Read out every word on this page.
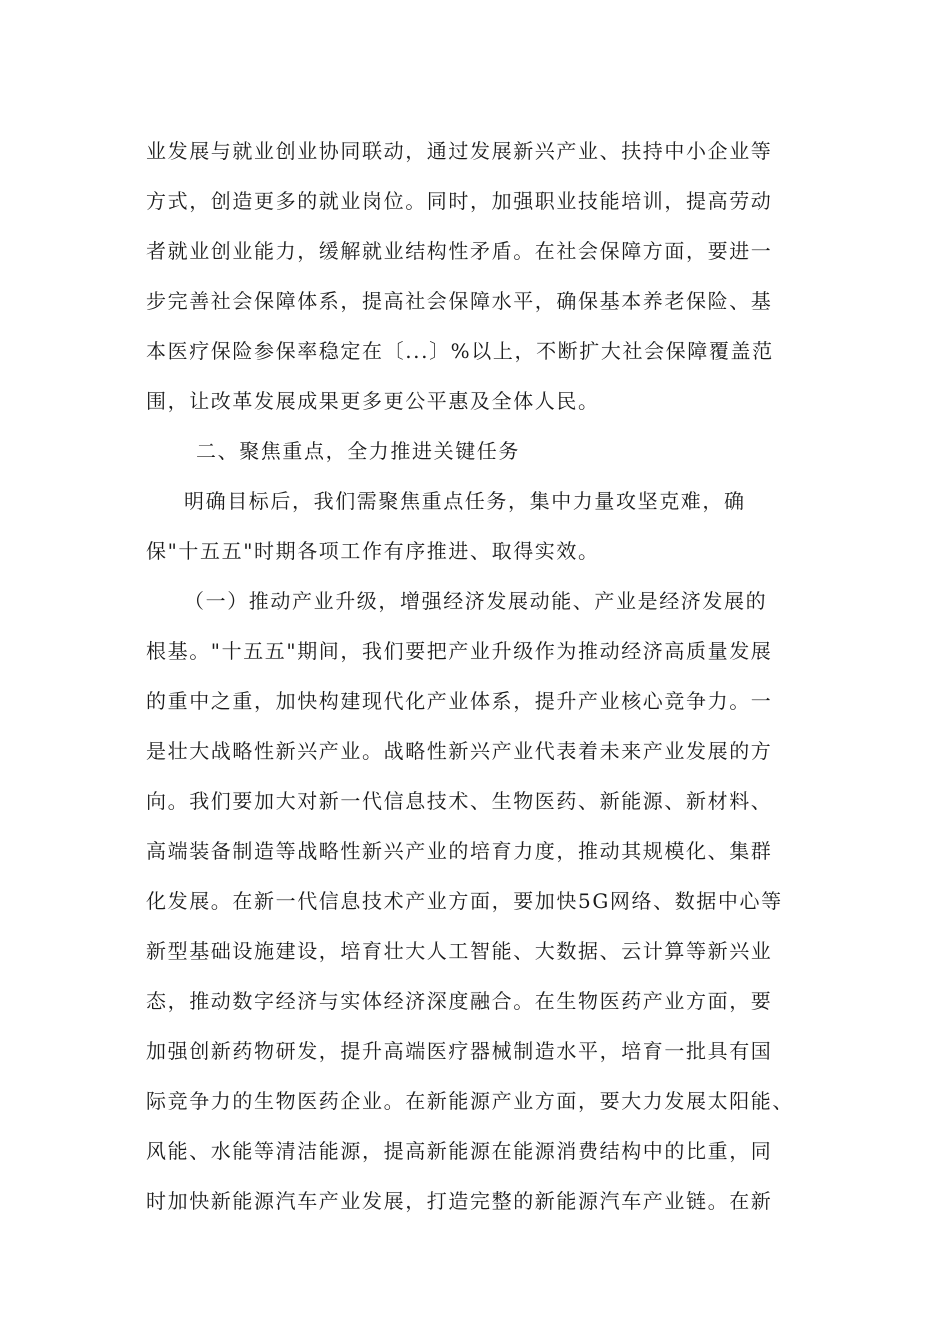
业发展与就业创业协同联动，通过发展新兴产业、扶持中小企业等
方式，创造更多的就业岗位。同时，加强职业技能培训，提高劳动
者就业创业能力，缓解就业结构性矛盾。在社会保障方面，要进一
步完善社会保障体系，提高社会保障水平，确保基本养老保险、基
本医疗保险参保率稳定在〔...〕%以上，不断扩大社会保障覆盖范
围，让改革发展成果更多更公平惠及全体人民。
二、聚焦重点，全力推进关键任务
明确目标后，我们需聚焦重点任务，集中力量攻坚克难，确
保"十五五"时期各项工作有序推进、取得实效。
（一）推动产业升级，增强经济发展动能、产业是经济发展的
根基。"十五五"期间，我们要把产业升级作为推动经济高质量发展
的重中之重，加快构建现代化产业体系，提升产业核心竞争力。一
是壮大战略性新兴产业。战略性新兴产业代表着未来产业发展的方
向。我们要加大对新一代信息技术、生物医药、新能源、新材料、
高端装备制造等战略性新兴产业的培育力度，推动其规模化、集群
化发展。在新一代信息技术产业方面，要加快5G网络、数据中心等
新型基础设施建设，培育壮大人工智能、大数据、云计算等新兴业
态，推动数字经济与实体经济深度融合。在生物医药产业方面，要
加强创新药物研发，提升高端医疗器械制造水平，培育一批具有国
际竞争力的生物医药企业。在新能源产业方面，要大力发展太阳能、
风能、水能等清洁能源，提高新能源在能源消费结构中的比重，同
时加快新能源汽车产业发展，打造完整的新能源汽车产业链。在新
